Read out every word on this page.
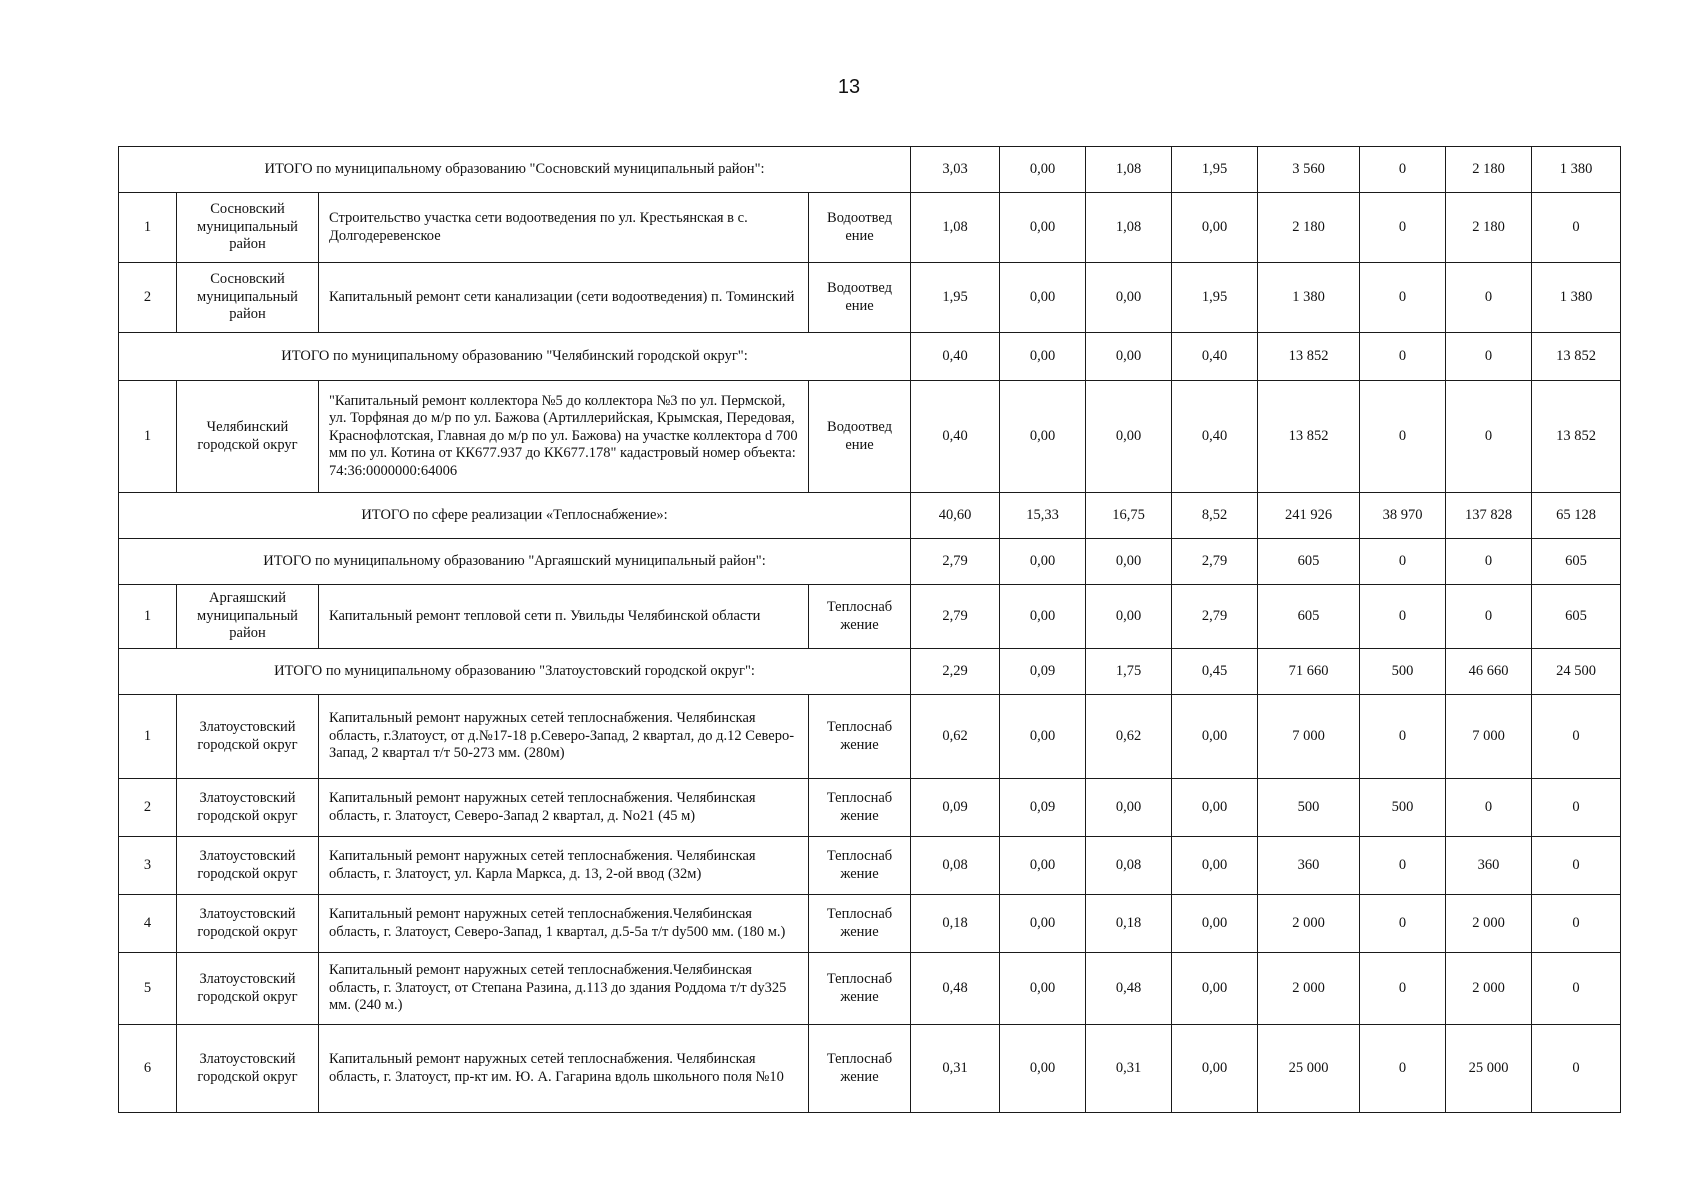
13
ИТОГО по муниципальному образованию "Сосновский муниципальный район":				3,03	0,00	1,08	1,95	3 560	0	2 180	1 380
1	Сосновский муниципальный район	Строительство участка сети водоотведения по ул. Крестьянская в с. Долгодеревенское	Водоотвед ение	1,08	0,00	1,08	0,00	2 180	0	2 180	0
2	Сосновский муниципальный район	Капитальный ремонт сети канализации (сети водоотведения) п. Томинский	Водоотвед ение	1,95	0,00	0,00	1,95	1 380	0	0	1 380
ИТОГО по муниципальному образованию "Челябинский городской округ":				0,40	0,00	0,00	0,40	13 852	0	0	13 852
1	Челябинский городской округ	"Капитальный ремонт коллектора №5 до коллектора №3 по ул. Пермской, ул. Торфяная до м/р по ул. Бажова (Артиллерийская, Крымская, Передовая, Краснофлотская, Главная до м/р по ул. Бажова) на участке коллектора d 700 мм по ул. Котина от КК677.937 до КК677.178" кадастровый номер объекта: 74:36:0000000:64006	Водоотвед ение	0,40	0,00	0,00	0,40	13 852	0	0	13 852
ИТОГО по сфере реализации «Теплоснабжение»:				40,60	15,33	16,75	8,52	241 926	38 970	137 828	65 128
ИТОГО по муниципальному образованию "Аргаяшский муниципальный район":				2,79	0,00	0,00	2,79	605	0	0	605
1	Аргаяшский муниципальный район	Капитальный ремонт тепловой сети п. Увильды Челябинской области	Теплоснаб жение	2,79	0,00	0,00	2,79	605	0	0	605
ИТОГО по муниципальному образованию "Златоустовский городской округ":				2,29	0,09	1,75	0,45	71 660	500	46 660	24 500
1	Златоустовский городской округ	Капитальный ремонт наружных сетей теплоснабжения. Челябинская область, г.Златоуст, от д.№17-18 р.Северо-Запад, 2 квартал, до д.12 Северо-Запад, 2 квартал т/т 50-273 мм. (280м)	Теплоснаб жение	0,62	0,00	0,62	0,00	7 000	0	7 000	0
2	Златоустовский городской округ	Капитальный ремонт наружных сетей теплоснабжения. Челябинская область, г. Златоуст, Северо-Запад 2 квартал, д. No21 (45 м)	Теплоснаб жение	0,09	0,09	0,00	0,00	500	500	0	0
3	Златоустовский городской округ	Капитальный ремонт наружных сетей теплоснабжения. Челябинская область, г. Златоуст, ул. Карла Маркса, д. 13, 2-ой ввод (32м)	Теплоснаб жение	0,08	0,00	0,08	0,00	360	0	360	0
4	Златоустовский городской округ	Капитальный ремонт наружных сетей теплоснабжения.Челябинская область, г. Златоуст, Северо-Запад, 1 квартал, д.5-5а т/т dy500 мм. (180 м.)	Теплоснаб жение	0,18	0,00	0,18	0,00	2 000	0	2 000	0
5	Златоустовский городской округ	Капитальный ремонт наружных сетей теплоснабжения.Челябинская область, г. Златоуст, от Степана Разина, д.113 до здания Роддома т/т dy325 мм. (240 м.)	Теплоснаб жение	0,48	0,00	0,48	0,00	2 000	0	2 000	0
6	Златоустовский городской округ	Капитальный ремонт наружных сетей теплоснабжения. Челябинская область, г. Златоуст, пр-кт им. Ю. А. Гагарина вдоль школьного поля №10	Теплоснаб жение	0,31	0,00	0,31	0,00	25 000	0	25 000	0
